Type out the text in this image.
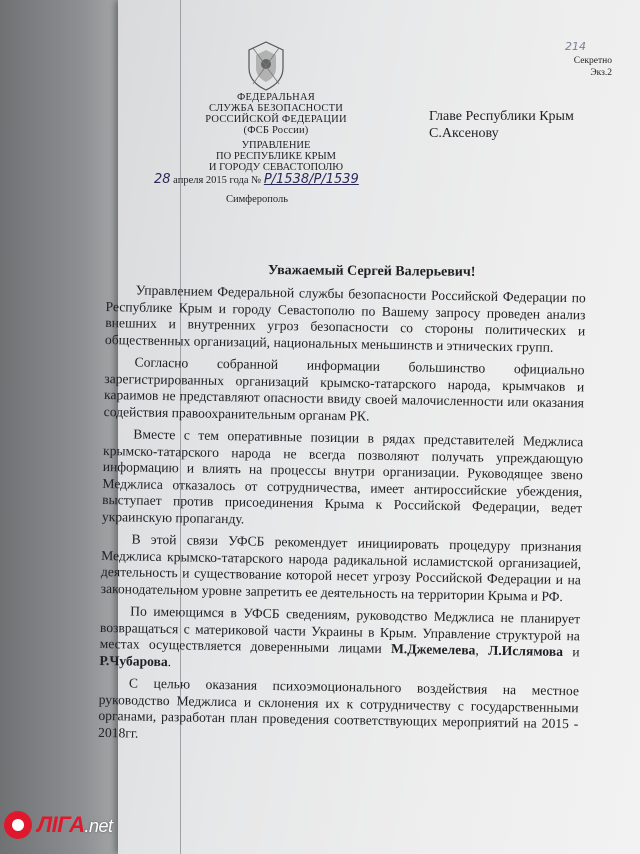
ФЕДЕРАЛЬНАЯ
СЛУЖБА БЕЗОПАСНОСТИ
РОССИЙСКОЙ ФЕДЕРАЦИИ
(ФСБ России)
УПРАВЛЕНИЕ
ПО РЕСПУБЛИКЕ КРЫМ
И ГОРОДУ СЕВАСТОПОЛЮ
28 апреля 2015 года № Р/1538/Р/1539
Симферополь
214
Секретно
Экз.2
Главе Республики Крым
С.Аксенову
Уважаемый Сергей Валерьевич!

Управлением Федеральной службы безопасности Российской Федерации по Республике Крым и городу Севастополю по Вашему запросу проведен анализ внешних и внутренних угроз безопасности со стороны политических и общественных организаций, национальных меньшинств и этнических групп.

Согласно собранной информации большинство официально зарегистрированных организаций крымско-татарского народа, крымчаков и караимов не представляют опасности ввиду своей малочисленности или оказания содействия правоохранительным органам РК.

Вместе с тем оперативные позиции в рядах представителей Меджлиса крымско-татарского народа не всегда позволяют получать упреждающую информацию и влиять на процессы внутри организации. Руководящее звено Меджлиса отказалось от сотрудничества, имеет антироссийские убеждения, выступает против присоединения Крыма к Российской Федерации, ведет украинскую пропаганду.

В этой связи УФСБ рекомендует инициировать процедуру признания Меджлиса крымско-татарского народа радикальной исламистской организацией, деятельность и существование которой несет угрозу Российской Федерации и на законодательном уровне запретить ее деятельность на территории Крыма и РФ.

По имеющимся в УФСБ сведениям, руководство Меджлиса не планирует возвращаться с материковой части Украины в Крым. Управление структурой на местах осуществляется доверенными лицами М.Джемелева, Л.Ислямова и Р.Чубарова.

С целью оказания психоэмоционального воздействия на местное руководство Меджлиса и склонения их к сотрудничеству с государственными органами, разработан план проведения соответствующих мероприятий на 2015 - 2018гг.

ЛIГА.net
